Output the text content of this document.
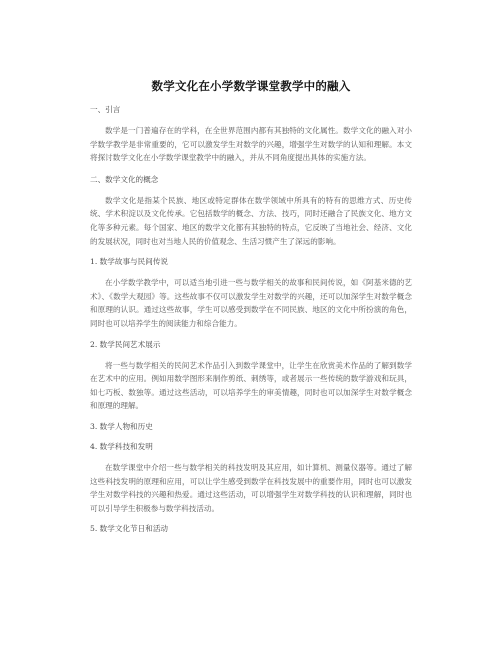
数学文化在小学数学课堂教学中的融入

一、引言

数学是一门普遍存在的学科，在全世界范围内都有其独特的文化属性。数学文化的融入对小学数学教学是非常重要的，它可以激发学生对数学的兴趣，增强学生对数学的认知和理解。本文将探讨数学文化在小学数学课堂教学中的融入，并从不同角度提出具体的实施方法。

二、数学文化的概念

数学文化是指某个民族、地区或特定群体在数学领域中所具有的特有的思维方式、历史传统、学术积淀以及文化传承。它包括数学的概念、方法、技巧，同时还融合了民族文化、地方文化等多种元素。每个国家、地区的数学文化都有其独特的特点，它反映了当地社会、经济、文化的发展状况，同时也对当地人民的价值观念、生活习惯产生了深远的影响。

1. 数学故事与民间传说

在小学数学教学中，可以适当地引进一些与数学相关的故事和民间传说，如《阿基米德的艺术》、《数学大观园》等。这些故事不仅可以激发学生对数学的兴趣，还可以加深学生对数学概念和原理的认识。通过这些故事，学生可以感受到数学在不同民族、地区的文化中所扮演的角色，同时也可以培养学生的阅读能力和综合能力。

2. 数学民间艺术展示

将一些与数学相关的民间艺术作品引入到数学课堂中，让学生在欣赏美术作品的了解到数学在艺术中的应用。例如用数学图形来制作剪纸、刺绣等，或者展示一些传统的数学游戏和玩具，如七巧板、数独等。通过这些活动，可以培养学生的审美情趣，同时也可以加深学生对数学概念和原理的理解。

3. 数学人物和历史

4. 数学科技和发明

在数学课堂中介绍一些与数学相关的科技发明及其应用，如计算机、测量仪器等。通过了解这些科技发明的原理和应用，可以让学生感受到数学在科技发展中的重要作用，同时也可以激发学生对数学科技的兴趣和热爱。通过这些活动，可以增强学生对数学科技的认识和理解，同时也可以引导学生积极参与数学科技活动。

5. 数学文化节日和活动
